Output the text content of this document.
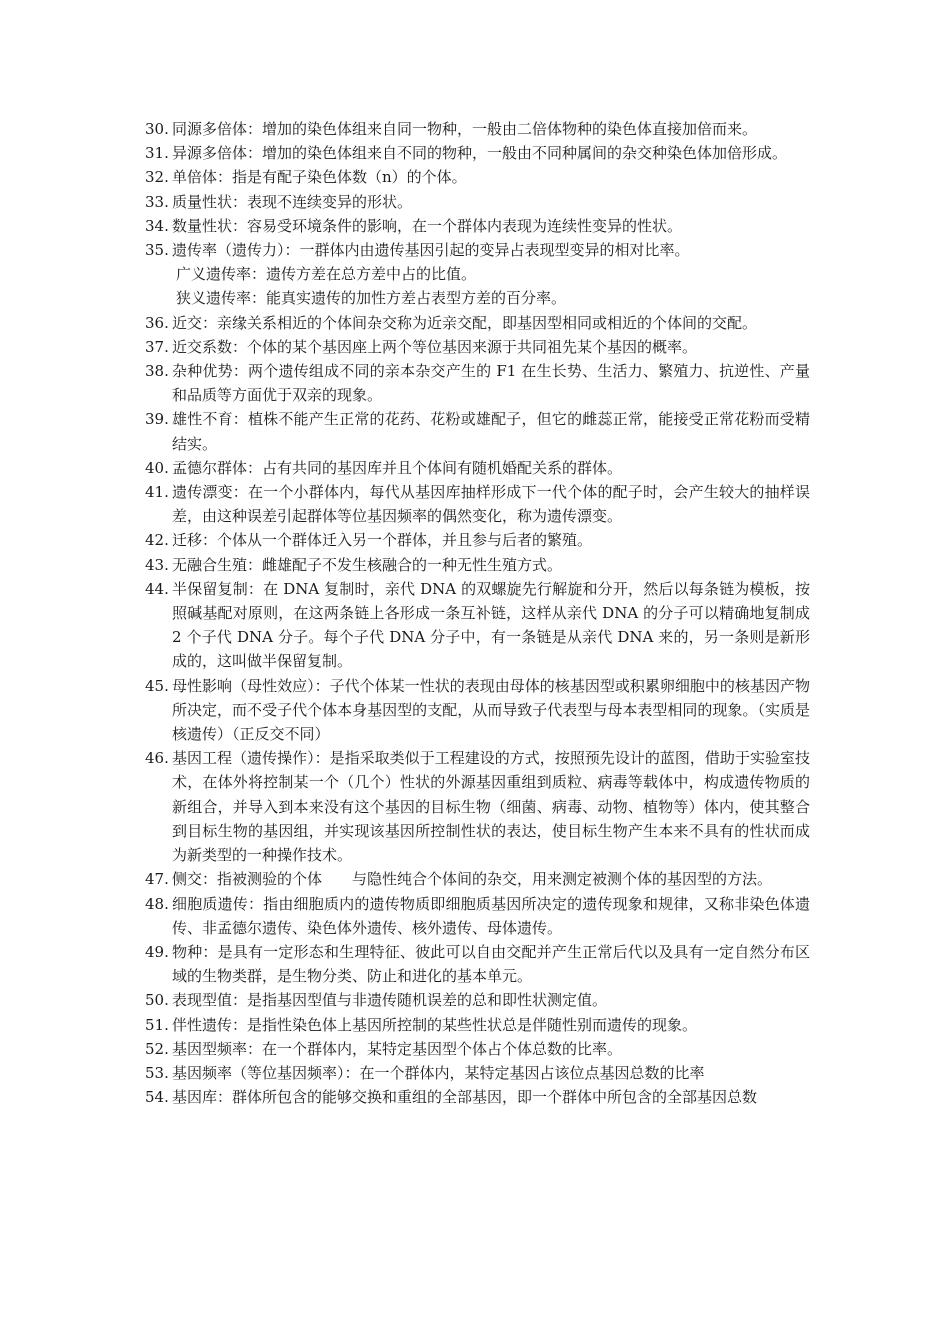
30. 同源多倍体：增加的染色体组来自同一物种，一般由二倍体物种的染色体直接加倍而来。
31. 异源多倍体：增加的染色体组来自不同的物种，一般由不同种属间的杂交种染色体加倍形成。
32. 单倍体：指是有配子染色体数（n）的个体。
33. 质量性状：表现不连续变异的形状。
34. 数量性状：容易受环境条件的影响，在一个群体内表现为连续性变异的性状。
35. 遗传率（遗传力）：一群体内由遗传基因引起的变异占表现型变异的相对比率。
广义遗传率：遗传方差在总方差中占的比值。
狭义遗传率：能真实遗传的加性方差占表型方差的百分率。
36. 近交：亲缘关系相近的个体间杂交称为近亲交配，即基因型相同或相近的个体间的交配。
37. 近交系数：个体的某个基因座上两个等位基因来源于共同祖先某个基因的概率。
38. 杂种优势：两个遗传组成不同的亲本杂交产生的 F1 在生长势、生活力、繁殖力、抗逆性、产量和品质等方面优于双亲的现象。
39. 雄性不育：植株不能产生正常的花药、花粉或雄配子，但它的雌蕊正常，能接受正常花粉而受精结实。
40. 孟德尔群体：占有共同的基因库并且个体间有随机婚配关系的群体。
41. 遗传漂变：在一个小群体内，每代从基因库抽样形成下一代个体的配子时，会产生较大的抽样误差，由这种误差引起群体等位基因频率的偶然变化，称为遗传漂变。
42. 迁移：个体从一个群体迁入另一个群体，并且参与后者的繁殖。
43. 无融合生殖：雌雄配子不发生核融合的一种无性生殖方式。
44. 半保留复制：在 DNA 复制时，亲代 DNA 的双螺旋先行解旋和分开，然后以每条链为模板，按照碱基配对原则，在这两条链上各形成一条互补链，这样从亲代 DNA 的分子可以精确地复制成 2 个子代 DNA 分子。每个子代 DNA 分子中，有一条链是从亲代 DNA 来的，另一条则是新形成的，这叫做半保留复制。
45. 母性影响（母性效应）：子代个体某一性状的表现由母体的核基因型或积累卵细胞中的核基因产物所决定，而不受子代个体本身基因型的支配，从而导致子代表型与母本表型相同的现象。（实质是核遗传）（正反交不同）
46. 基因工程（遗传操作）：是指采取类似于工程建设的方式，按照预先设计的蓝图，借助于实验室技术，在体外将控制某一个（几个）性状的外源基因重组到质粒、病毒等载体中，构成遗传物质的新组合，并导入到本来没有这个基因的目标生物（细菌、病毒、动物、植物等）体内，使其整合到目标生物的基因组，并实现该基因所控制性状的表达，使目标生物产生本来不具有的性状而成为新类型的一种操作技术。
47. 侧交：指被测验的个体　　与隐性纯合个体间的杂交，用来测定被测个体的基因型的方法。
48. 细胞质遗传：指由细胞质内的遗传物质即细胞质基因所决定的遗传现象和规律，又称非染色体遗传、非孟德尔遗传、染色体外遗传、核外遗传、母体遗传。
49. 物种：是具有一定形态和生理特征、彼此可以自由交配并产生正常后代以及具有一定自然分布区域的生物类群，是生物分类、防止和进化的基本单元。
50. 表现型值：是指基因型值与非遗传随机误差的总和即性状测定值。
51. 伴性遗传：是指性染色体上基因所控制的某些性状总是伴随性别而遗传的现象。
52. 基因型频率：在一个群体内，某特定基因型个体占个体总数的比率。
53. 基因频率（等位基因频率）：在一个群体内，某特定基因占该位点基因总数的比率
54. 基因库：群体所包含的能够交换和重组的全部基因，即一个群体中所包含的全部基因总数
